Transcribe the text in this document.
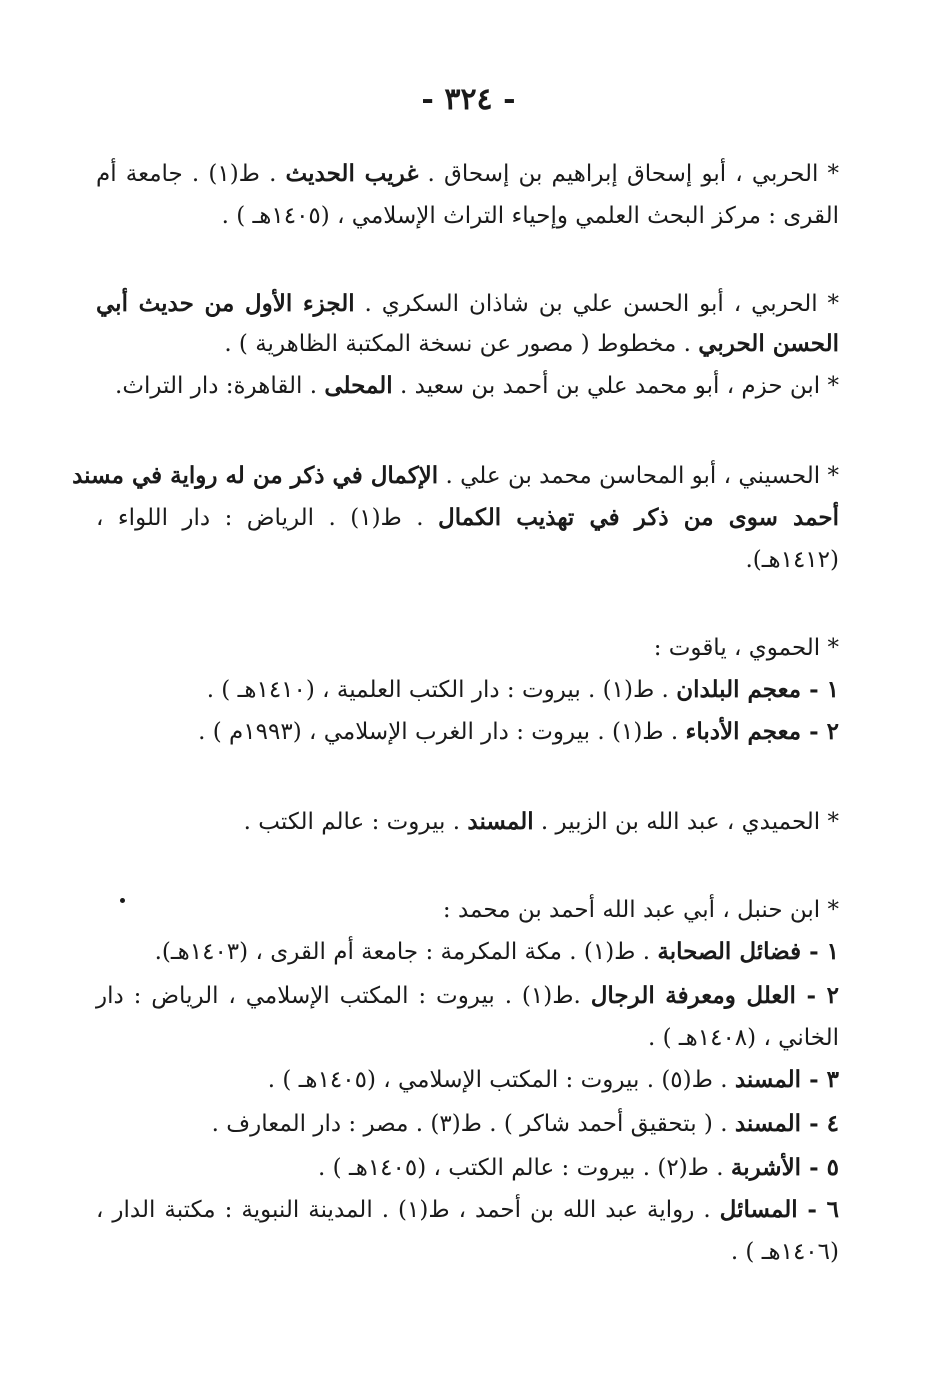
- ٣٢٤ -
* الحربي ، أبو إسحاق إبراهيم بن إسحاق . غريب الحديث . ط(١) . جامعة أم
القرى : مركز البحث العلمي وإحياء التراث الإسلامي ، (١٤٠٥هـ ) .
* الحربي ، أبو الحسن علي بن شاذان السكري . الجزء الأول من حديث أبي
الحسن الحربي . مخطوط ( مصور عن نسخة المكتبة الظاهرية ) .
* ابن حزم ، أبو محمد علي بن أحمد بن سعيد . المحلى . القاهرة: دار التراث.
* الحسيني ، أبو المحاسن محمد بن علي . الإكمال في ذكر من له رواية في مسند
أحمد سوى من ذكر في تهذيب الكمال . ط(١) . الرياض : دار اللواء ،
(١٤١٢هـ).
* الحموي ، ياقوت :
١ - معجم البلدان . ط(١) . بيروت : دار الكتب العلمية ، (١٤١٠هـ ) .
٢ - معجم الأدباء . ط(١) . بيروت : دار الغرب الإسلامي ، (١٩٩٣م ) .
* الحميدي ، عبد الله بن الزبير . المسند . بيروت : عالم الكتب .
* ابن حنبل ، أبي عبد الله أحمد بن محمد :
١ - فضائل الصحابة . ط(١) . مكة المكرمة : جامعة أم القرى ، (١٤٠٣هـ).
٢ - العلل ومعرفة الرجال .ط(١) . بيروت : المكتب الإسلامي ، الرياض : دار
الخاني ، (١٤٠٨هـ ) .
٣ - المسند . ط(٥) . بيروت : المكتب الإسلامي ، (١٤٠٥هـ ) .
٤ - المسند . ( بتحقيق أحمد شاكر ) . ط(٣) . مصر : دار المعارف .
٥ - الأشربة . ط(٢) . بيروت : عالم الكتب ، (١٤٠٥هـ ) .
٦ - المسائل . رواية عبد الله بن أحمد ، ط(١) . المدينة النبوية : مكتبة الدار ،
(١٤٠٦هـ ) .
